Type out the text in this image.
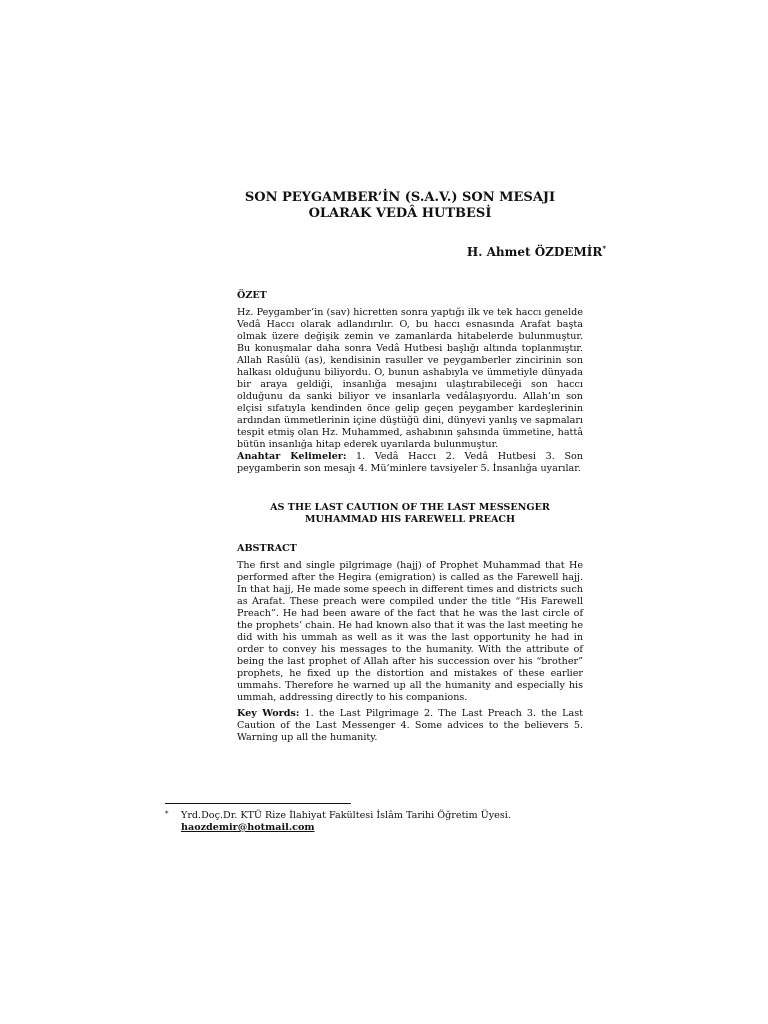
SON PEYGAMBER’İN (S.A.V.) SON MESAJI
OLARAK VEDÂ HUTBESİ
H. Ahmet ÖZDEMİR*
ÖZET
Hz. Peygamber’in (sav) hicretten sonra yaptığı ilk ve tek haccı genelde Vedâ Haccı olarak adlandırılır. O, bu haccı esnasında Arafat başta olmak üzere değişik zemin ve zamanlarda hitabelerde bulunmuştur. Bu konuşmalar daha sonra Vedâ Hutbesi başlığı altında toplanmıştır. Allah Rasûlü (as), kendisinin rasuller ve peygamberler zincirinin son halkası olduğunu biliyordu. O, bunun ashabıyla ve ümmetiyle dünyada bir araya geldiği, insanlığa mesajını ulaştırabileceği son haccı olduğunu da sanki biliyor ve insanlarla vedâlaşıyordu. Allah’ın son elçisi sıfatıyla kendinden önce gelip geçen peygamber kardeşlerinin ardından ümmetlerinin içine düştüğü dini, dünyevi yanlış ve sapmaları tespit etmiş olan Hz. Muhammed, ashabının şahsında ümmetine, hattâ bütün insanlığa hitap ederek uyarılarda bulunmuştur.
Anahtar Kelimeler: 1. Vedâ Haccı 2. Vedâ Hutbesi 3. Son peygamberin son mesajı 4. Mü’minlere tavsiyeler 5. İnsanlığa uyarılar.
AS THE LAST CAUTION OF THE LAST MESSENGER
MUHAMMAD HIS FAREWELL PREACH
ABSTRACT
The first and single pilgrimage (hajj) of Prophet Muhammad that He performed after the Hegira (emigration) is called as the Farewell hajj. In that hajj, He made some speech in different times and districts such as Arafat. These preach were compiled under the title “His Farewell Preach”. He had been aware of the fact that he was the last circle of the prophets’ chain. He had known also that it was the last meeting he did with his ummah as well as it was the last opportunity he had in order to convey his messages to the humanity. With the attribute of being the last prophet of Allah after his succession over his “brother” prophets, he fixed up the distortion and mistakes of these earlier ummahs. Therefore he warned up all the humanity and especially his ummah, addressing directly to his companions.
Key Words: 1. the Last Pilgrimage 2. The Last Preach 3. the Last Caution of the Last Messenger 4. Some advices to the believers 5. Warning up all the humanity.
*	Yrd.Doç.Dr. KTÜ Rize İlahiyat Fakültesi İslâm Tarihi Öğretim Üyesi.
haozdemir@hotmail.com
